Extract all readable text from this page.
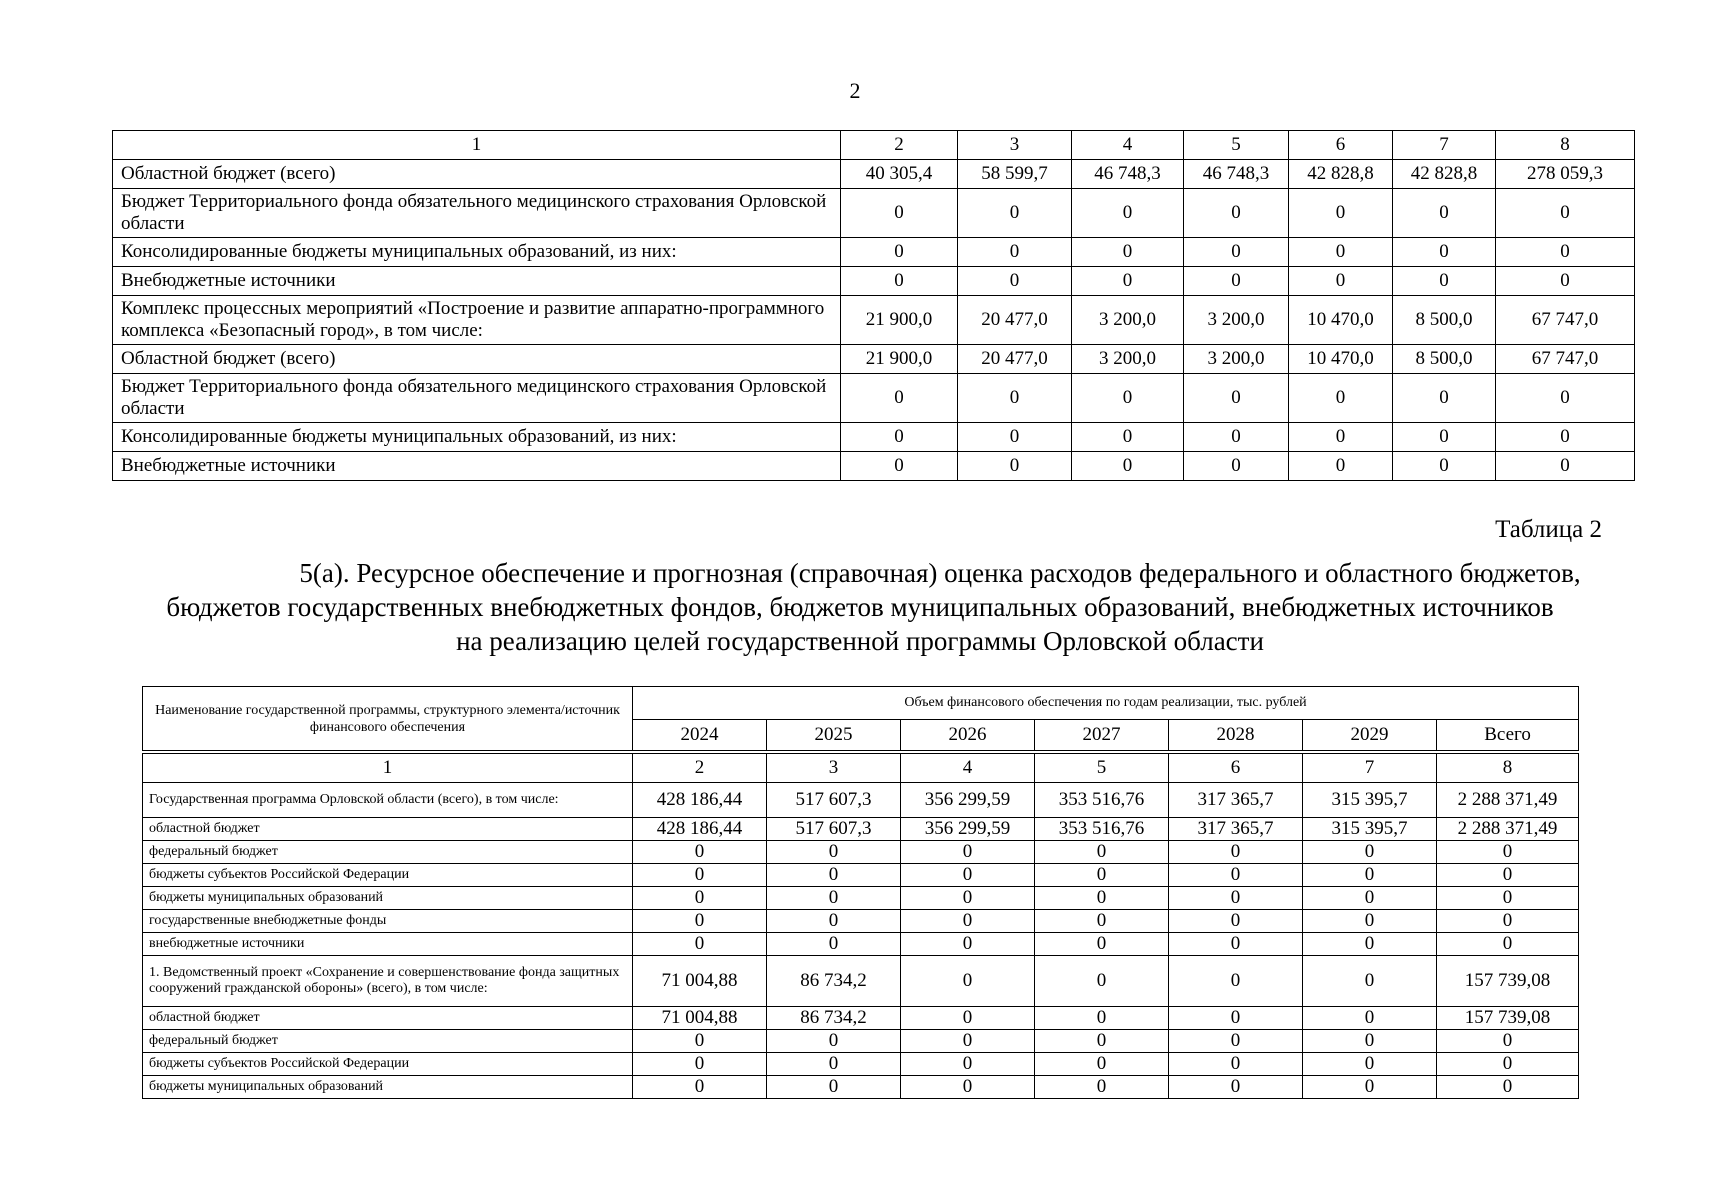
2
1	2	3	4	5	6	7	8
Областной бюджет (всего)	40 305,4	58 599,7	46 748,3	46 748,3	42 828,8	42 828,8	278 059,3
Бюджет Территориального фонда обязательного медицинского страхования Орловской области	0	0	0	0	0	0	0
Консолидированные бюджеты муниципальных образований, из них:	0	0	0	0	0	0	0
Внебюджетные источники	0	0	0	0	0	0	0
Комплекс процессных мероприятий «Построение и развитие аппаратно-программного комплекса «Безопасный город», в том числе:	21 900,0	20 477,0	3 200,0	3 200,0	10 470,0	8 500,0	67 747,0
Областной бюджет (всего)	21 900,0	20 477,0	3 200,0	3 200,0	10 470,0	8 500,0	67 747,0
Бюджет Территориального фонда обязательного медицинского страхования Орловской области	0	0	0	0	0	0	0
Консолидированные бюджеты муниципальных образований, из них:	0	0	0	0	0	0	0
Внебюджетные источники	0	0	0	0	0	0	0
Таблица 2
5(а). Ресурсное обеспечение и прогнозная (справочная) оценка расходов федерального и областного бюджетов,
бюджетов государственных внебюджетных фондов, бюджетов муниципальных образований, внебюджетных источников
на реализацию целей государственной программы Орловской области
Наименование государственной программы, структурного элемента/источник финансового обеспечения	Объем финансового обеспечения по годам реализации, тыс. рублей						
	2024	2025	2026	2027	2028	2029	Всего

1	2	3	4	5	6	7	8
Государственная программа Орловской области (всего), в том числе:	428 186,44	517 607,3	356 299,59	353 516,76	317 365,7	315 395,7	2 288 371,49
областной бюджет	428 186,44	517 607,3	356 299,59	353 516,76	317 365,7	315 395,7	2 288 371,49
федеральный бюджет	0	0	0	0	0	0	0
бюджеты субъектов Российской Федерации	0	0	0	0	0	0	0
бюджеты муниципальных образований	0	0	0	0	0	0	0
государственные внебюджетные фонды	0	0	0	0	0	0	0
внебюджетные источники	0	0	0	0	0	0	0
1. Ведомственный проект «Сохранение и совершенствование фонда защитных сооружений гражданской обороны» (всего), в том числе:	71 004,88	86 734,2	0	0	0	0	157 739,08
областной бюджет	71 004,88	86 734,2	0	0	0	0	157 739,08
федеральный бюджет	0	0	0	0	0	0	0
бюджеты субъектов Российской Федерации	0	0	0	0	0	0	0
бюджеты муниципальных образований	0	0	0	0	0	0	0
